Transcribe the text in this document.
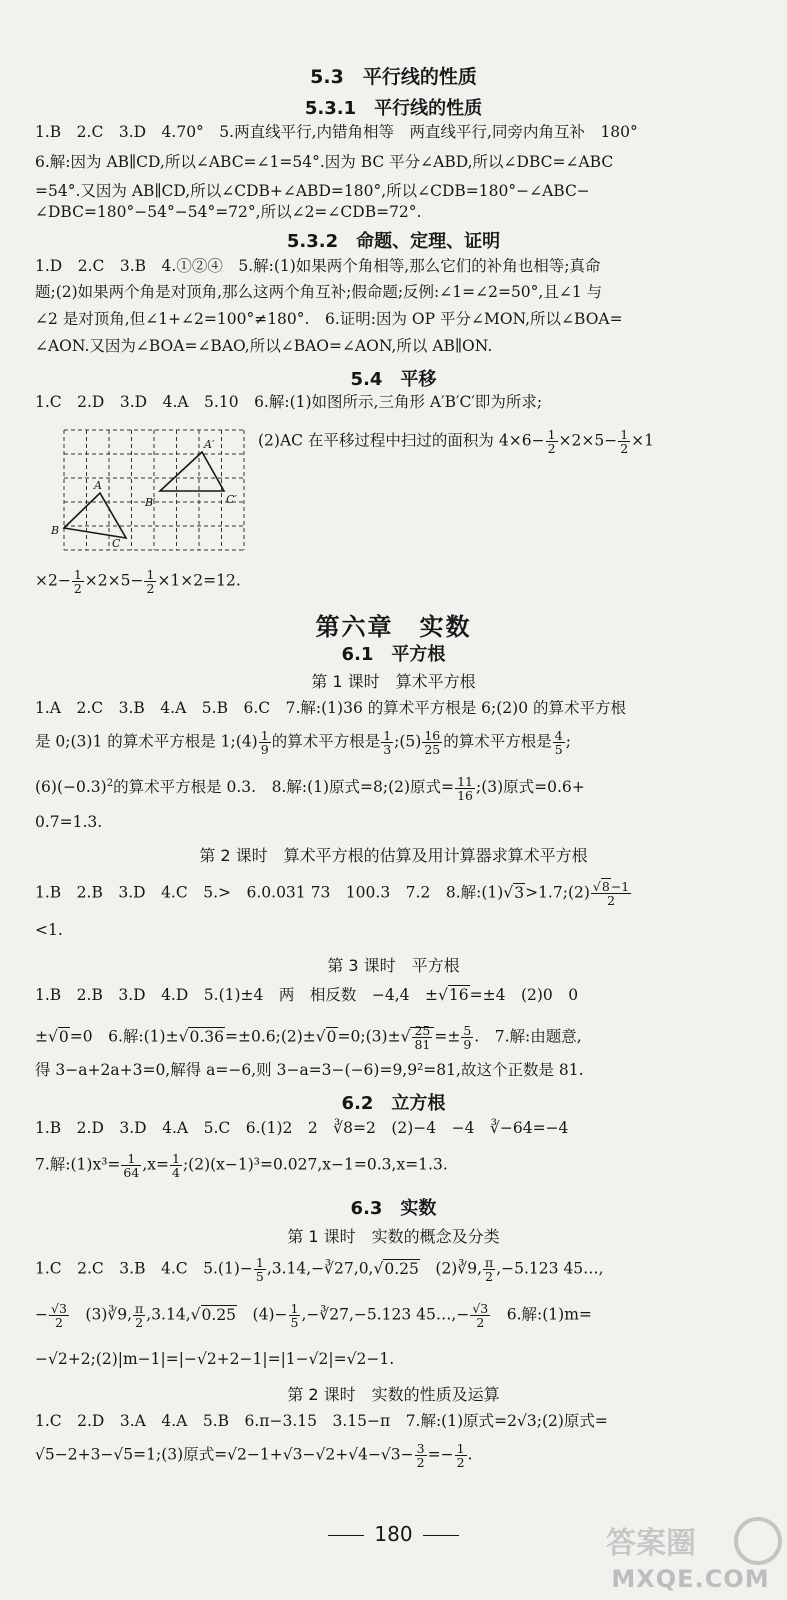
5.3　平行线的性质
5.3.1　平行线的性质
1.B　2.C　3.D　4.70°　5.两直线平行,内错角相等　两直线平行,同旁内角互补　180°
6.解:因为 AB∥CD,所以∠ABC=∠1=54°.因为 BC 平分∠ABD,所以∠DBC=∠ABC
=54°.又因为 AB∥CD,所以∠CDB+∠ABD=180°,所以∠CDB=180°−∠ABC−
∠DBC=180°−54°−54°=72°,所以∠2=∠CDB=72°.
5.3.2　命题、定理、证明
1.D　2.C　3.B　4.①②④　5.解:(1)如果两个角相等,那么它们的补角也相等;真命
题;(2)如果两个角是对顶角,那么这两个角互补;假命题;反例:∠1=∠2=50°,且∠1 与
∠2 是对顶角,但∠1+∠2=100°≠180°.　6.证明:因为 OP 平分∠MON,所以∠BOA=
∠AON.又因为∠BOA=∠BAO,所以∠BAO=∠AON,所以 AB∥ON.
5.4　平移
1.C　2.D　3.D　4.A　5.10　6.解:(1)如图所示,三角形 A′B′C′即为所求;
A
B
C
A′
B′	C′
(2)AC 在平移过程中扫过的面积为 $4\times 6- \frac{1}{2} \times 2\times 5- \frac{1}{2} \times 1$
$\times 2- \frac{1}{2} \times 2\times 5- \frac{1}{2} \times 1\times 2=12$.
第六章　实数
6.1　平方根
第 1 课时　算术平方根
1.A　2.C　3.B　4.A　5.B　6.C　7.解:(1)36 的算术平方根是 6;(2)0 的算术平方根
是 0;(3)1 的算术平方根是 1;(4) $\frac{1}{9}$ 的算术平方根是 $\frac{1}{3}$ ;(5) $\frac{16}{25}$ 的算术平方根是 $\frac{4}{5}$ ;
$(6)(-0.3)^2$的算术平方根是 0.3.　8.解:(1)原式=8;(2)原式= $\frac{11}{16}$ ;(3)原式=0.6+
0.7=1.3.
第 2 课时　算术平方根的估算及用计算器求算术平方根
1.B　2.B　3.D　4.C　5.>　6.0.031 73　100.3　7.2　8.解:(1)√3>1.7;(2) $\frac{√8-1}{2}$
<1.
第 3 课时　平方根
1.B　2.B　3.D　4.D　5.(1)±4　两　相反数　−4,4　±√16=±4　(2)0　0
±√0=0　6.解:(1)±√0.36=±0.6;(2)±√0=0;(3)±√ $\frac{25}{81} =\pm \frac{5}{9}$ .　7.解:由题意,
得 3−a+2a+3=0,解得 a=−6,则 3−a=3−(−6)=9,9²=81,故这个正数是 81.
6.2　立方根
1.B　2.D　3.D　4.A　5.C　6.(1)2　2　∛8=2　(2)−4　−4　∛−64=−4
7.解:(1)x³= $\frac{1}{64} ,x= \frac{1}{4}$ ;(2)(x−1)³=0.027,x−1=0.3,x=1.3.
6.3　实数
第 1 课时　实数的概念及分类
1.C　2.C　3.B　4.C　$5.(1)- \frac{1}{5}$ ,3.14,−∛27,0,√0.25　(2)∛9, $\frac{\pi}{2} ,-5.123$ 45…,
− $\frac{√3}{2}$ 　(3)∛9, $\frac{\pi}{2} ,3.14,√0.25$　$(4)- \frac{1}{5}$ ,−∛27,−5.123 45…,− $\frac{√3}{2}$ 　6.解:(1)m=
−√2+2;(2)|m−1|=|−√2+2−1|=|1−√2|=√2−1.
第 2 课时　实数的性质及运算
1.C　2.D　3.A　4.A　5.B　6.π−3.15　3.15−π　7.解:(1)原式=2√3;(2)原式=
√5−2+3−√5=1;(3)原式$=√2-1+√3-√2+√4-√3- \frac{3}{2} =- \frac{1}{2}$ .
180	答案圈
MXQE.COM
